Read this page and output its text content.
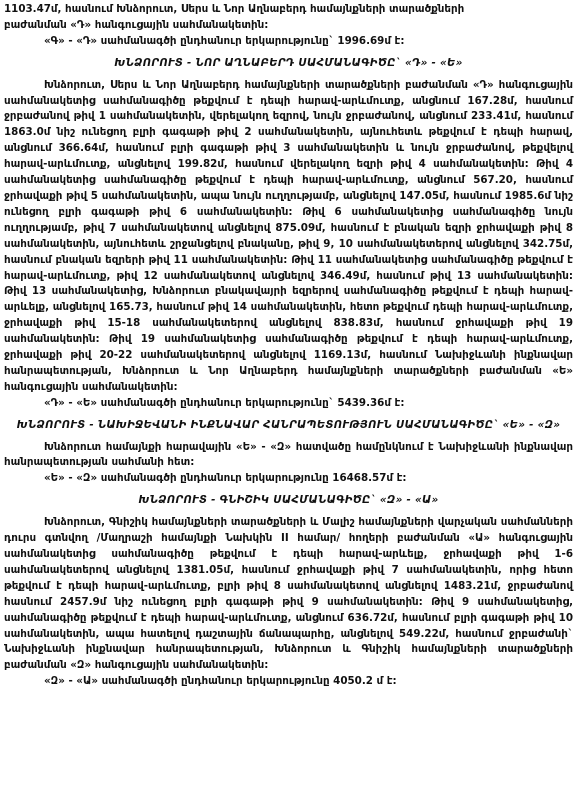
1103.47մ, հասնում Խնձորուտ, Սերս և Նոր Աղնաբերդ համայնքների տարածքների

բաժանման «Դ» հանգուցային սահմանակետին:

«Գ» - «Դ» սահմանագծի ընդհանուր երկարությունը` 1996.69մ է:

ԽՆՁՈՐՈՒՏ - ՆՈՐ ԱՂՆԱԲԵՐԴ ՍԱՀՄԱՆԱԳԻԾԸ` «Դ» - «Ե»

Խնձորուտ, Սերս և Նոր Աղնաբերդ համայնքների տարածքների բաժանման «Դ» հանգուցային սահմանակետից սահմանագիծը թեքվում է դեպի հարավ-արևմուտք, անցնում 167.28մ, հասնում ջրբաժանով թիվ 1 սահմանակետին, վերելակող եզրով, նույն ջրբաժանով, անցնում 233.41մ, հասնում 1863.0մ նիշ ունեցող բլրի գագաթի թիվ 2 սահմանակետին, այնուհետև թեքվում է դեպի հարավ, անցնում 366.64մ, հասնում բլրի գագաթի թիվ 3 սահմանակետին և նույն ջրբաժանով, թեքվելով հարավ-արևմուտք, անցնելով 199.82մ, հասնում վերելակող եզրի թիվ 4 սահմանակետին: Թիվ 4 սահմանակետից սահմանագիծը թեքվում է դեպի հարավ-արևմուտք, անցնում 567.20, հասնում ջրհավաքի թիվ 5 սահմանակետին, ապա նույն ուղղությամբ, անցնելով 147.05մ, հասնում 1985.6մ նիշ ունեցող բլրի գագաթի թիվ 6 սահմանակետին: Թիվ 6 սահմանակետից սահմանագիծը նույն ուղղությամբ, թիվ 7 սահմանակետով անցնելով 875.09մ, հասնում է բնական եզրի ջրհավաքի թիվ 8 սահմանակետին, այնուհետև շրջանցելով բնականը, թիվ 9, 10 սահմանակետերով անցնելով 342.75մ, հասնում բնական եզրերի թիվ 11 սահմանակետին: Թիվ 11 սահմանակետից սահմանագիծը թեքվում է հարավ-արևմուտք, թիվ 12 սահմանակետով անցնելով 346.49մ, հասնում թիվ 13 սահմանակետին: Թիվ 13 սահմանակետից, Խնձորուտ բնակավայրի եզրերով սահմանագիծը թեքվում է դեպի հարավ-արևելք, անցնելով 165.73, հասնում թիվ 14 սահմանակետին, հետո թեքվում դեպի հարավ-արևմուտք, ջրհավաքի թիվ 15-18 սահմանակետերով անցնելով 838.83մ, հասնում ջրհավաքի թիվ 19 սահմանակետին: Թիվ 19 սահմանակետից սահմանագիծը թեքվում է դեպի հարավ-արևմուտք, ջրհավաքի թիվ 20-22 սահմանակետերով անցնելով 1169.13մ, հասնում Նախիջևանի ինքնավար հանրապետության, Խնձորուտ և Նոր Աղնաբերդ համայնքների տարածքների բաժանման «Ե» հանգուցային սահմանակետին:

«Դ» - «Ե» սահմանագծի ընդհանուր երկարությունը` 5439.36մ է:

ԽՆՁՈՐՈՒՏ - ՆԱԽԻՋԵՎԱՆԻ ԻՆՔՆԱՎԱՐ ՀԱՆՐԱՊԵՏՈՒԹՅՈՒՆ ՍԱՀՄԱՆԱԳԻԾԸ` «Ե» - «Զ»

Խնձորուտ համայնքի հարավային «Ե» - «Զ» հատվածը համընկնում է Նախիջևանի ինքնավար հանրապետության սահմանի հետ:

«Ե» - «Զ» սահմանագծի ընդհանուր երկարությունը 16468.57մ է:

ԽՆՁՈՐՈՒՏ - ԳՆԻՇԻԿ ՍԱՀՄԱՆԱԳԻԾԸ` «Զ» - «Ա»

Խնձորուտ, Գնիշիկ համայնքների տարածքների և Մալիշ համայնքների վարչական սահմանների դուրս գտնվող /Մաղրաշի համայնքի Նախկին II համար/ հողերի բաժանման «Ա» հանգուցային սահմանակետից սահմանագիծը թեքվում է դեպի հարավ-արևելք, ջրհավաքի թիվ 1-6 սահմանակետերով անցնելով 1381.05մ, հասնում ջրհավաքի թիվ 7 սահմանակետին, որից հետո թեքվում է դեպի հարավ-արևմուտք, բլրի թիվ 8 սահմանակետով անցնելով 1483.21մ, ջրբաժանով հասնում 2457.9մ նիշ ունեցող բլրի գագաթի թիվ 9 սահմանակետին: Թիվ 9 սահմանակետից, սահմանագիծը թեքվում է դեպի հարավ-արևմուտք, անցնում 636.72մ, հասնում բլրի գագաթի թիվ 10 սահմանակետին, ապա հատելով դաշտային ճանապարհը, անցնելով 549.22մ, հասնում ջրբաժանի` Նախիջևանի ինքնավար հանրապետության, Խնձորուտ և Գնիշիկ համայնքների տարածքների բաժանման «Զ» հանգուցային սահմանակետին:

«Զ» - «Ա» սահմանագծի ընդհանուր երկարությունը 4050.2 մ է:
